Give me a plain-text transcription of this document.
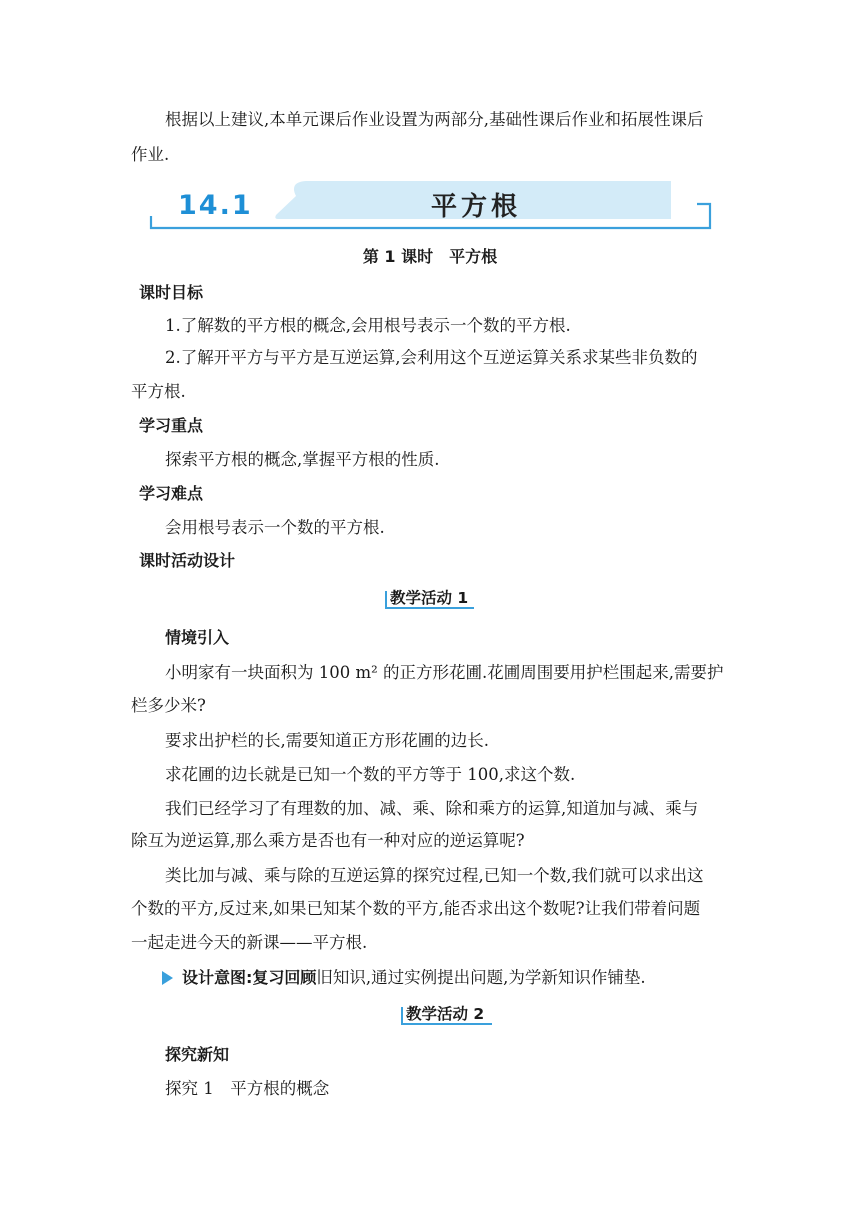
根据以上建议,本单元课后作业设置为两部分,基础性课后作业和拓展性课后
作业.
14.1	平方根
第 1 课时　平方根
课时目标
1.了解数的平方根的概念,会用根号表示一个数的平方根.
2.了解开平方与平方是互逆运算,会利用这个互逆运算关系求某些非负数的
平方根.
学习重点
探索平方根的概念,掌握平方根的性质.
学习难点
会用根号表示一个数的平方根.
课时活动设计
教学活动 1
情境引入
小明家有一块面积为 100 m² 的正方形花圃.花圃周围要用护栏围起来,需要护
栏多少米?
要求出护栏的长,需要知道正方形花圃的边长.
求花圃的边长就是已知一个数的平方等于 100,求这个数.
我们已经学习了有理数的加、减、乘、除和乘方的运算,知道加与减、乘与
除互为逆运算,那么乘方是否也有一种对应的逆运算呢?
类比加与减、乘与除的互逆运算的探究过程,已知一个数,我们就可以求出这
个数的平方,反过来,如果已知某个数的平方,能否求出这个数呢?让我们带着问题
一起走进今天的新课——平方根.
设计意图:复习回顾旧知识,通过实例提出问题,为学新知识作铺垫.
教学活动 2
探究新知
探究 1　平方根的概念
